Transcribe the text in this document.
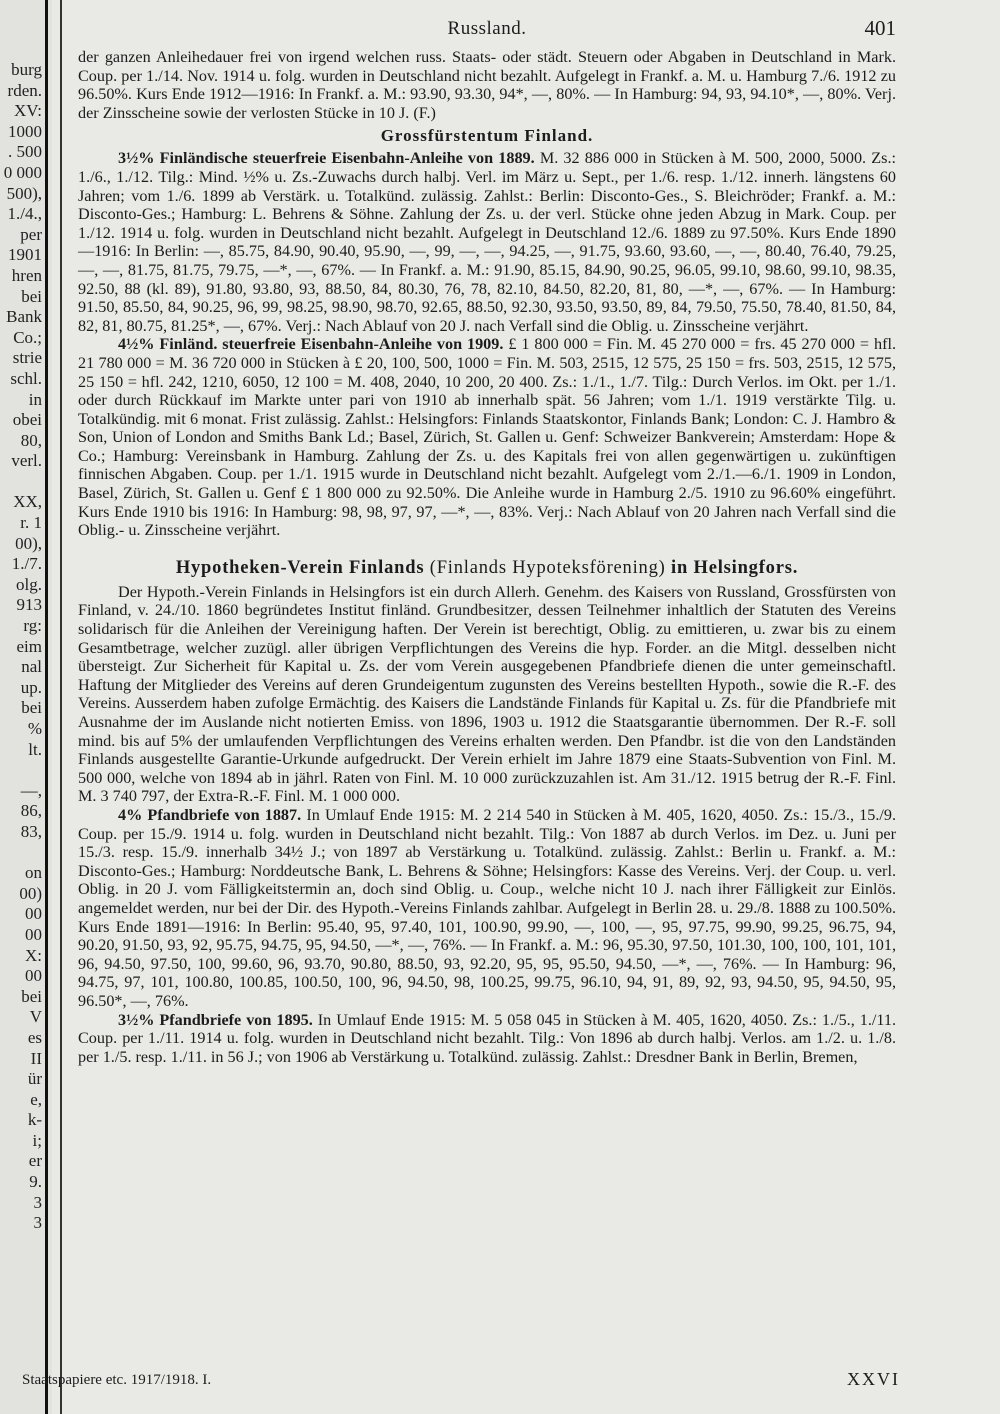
burg
rden.
XV:
1000
. 500
0 000
500),
1./4.,
per
1901
hren
bei
Bank
Co.;
strie
schl.
in
obei
80,
verl.
XX,
r. 1
00),
1./7.
olg.
913
rg:
eim
nal
up.
bei
%
lt.
—,
86,
83,
on
00)
00
00
X:
00
bei
V
es
II
ür
e,
k-
i;
er
9.
3
3
Russland.	401

der ganzen Anleihedauer frei von irgend welchen russ. Staats- oder städt. Steuern oder Abgaben in Deutschland in Mark. Coup. per 1./14. Nov. 1914 u. folg. wurden in Deutschland nicht bezahlt. Aufgelegt in Frankf. a. M. u. Hamburg 7./6. 1912 zu 96.50%. Kurs Ende 1912—1916: In Frankf. a. M.: 93.90, 93.30, 94*, —, 80%. — In Hamburg: 94, 93, 94.10*, —, 80%. Verj. der Zinsscheine sowie der verlosten Stücke in 10 J. (F.)

Grossfürstentum Finland.

3½% Finländische steuerfreie Eisenbahn-Anleihe von 1889. M. 32 886 000 in Stücken à M. 500, 2000, 5000. Zs.: 1./6., 1./12. Tilg.: Mind. ½% u. Zs.-Zuwachs durch halbj. Verl. im März u. Sept., per 1./6. resp. 1./12. innerh. längstens 60 Jahren; vom 1./6. 1899 ab Verstärk. u. Totalkünd. zulässig. Zahlst.: Berlin: Disconto-Ges., S. Bleichröder; Frankf. a. M.: Disconto-Ges.; Hamburg: L. Behrens & Söhne. Zahlung der Zs. u. der verl. Stücke ohne jeden Abzug in Mark. Coup. per 1./12. 1914 u. folg. wurden in Deutschland nicht bezahlt. Aufgelegt in Deutschland 12./6. 1889 zu 97.50%. Kurs Ende 1890—1916: In Berlin: —, 85.75, 84.90, 90.40, 95.90, —, 99, —, —, 94.25, —, 91.75, 93.60, 93.60, —, —, 80.40, 76.40, 79.25, —, —, 81.75, 81.75, 79.75, —*, —, 67%. — In Frankf. a. M.: 91.90, 85.15, 84.90, 90.25, 96.05, 99.10, 98.60, 99.10, 98.35, 92.50, 88 (kl. 89), 91.80, 93.80, 93, 88.50, 84, 80.30, 76, 78, 82.10, 84.50, 82.20, 81, 80, —*, —, 67%. — In Hamburg: 91.50, 85.50, 84, 90.25, 96, 99, 98.25, 98.90, 98.70, 92.65, 88.50, 92.30, 93.50, 93.50, 89, 84, 79.50, 75.50, 78.40, 81.50, 84, 82, 81, 80.75, 81.25*, —, 67%. Verj.: Nach Ablauf von 20 J. nach Verfall sind die Oblig. u. Zinsscheine verjährt.

4½% Finländ. steuerfreie Eisenbahn-Anleihe von 1909. £ 1 800 000 = Fin. M. 45 270 000 = frs. 45 270 000 = hfl. 21 780 000 = M. 36 720 000 in Stücken à £ 20, 100, 500, 1000 = Fin. M. 503, 2515, 12 575, 25 150 = frs. 503, 2515, 12 575, 25 150 = hfl. 242, 1210, 6050, 12 100 = M. 408, 2040, 10 200, 20 400. Zs.: 1./1., 1./7. Tilg.: Durch Verlos. im Okt. per 1./1. oder durch Rückkauf im Markte unter pari von 1910 ab innerhalb spät. 56 Jahren; vom 1./1. 1919 verstärkte Tilg. u. Totalkündig. mit 6 monat. Frist zulässig. Zahlst.: Helsingfors: Finlands Staatskontor, Finlands Bank; London: C. J. Hambro & Son, Union of London and Smiths Bank Ld.; Basel, Zürich, St. Gallen u. Genf: Schweizer Bankverein; Amsterdam: Hope & Co.; Hamburg: Vereinsbank in Hamburg. Zahlung der Zs. u. des Kapitals frei von allen gegenwärtigen u. zukünftigen finnischen Abgaben. Coup. per 1./1. 1915 wurde in Deutschland nicht bezahlt. Aufgelegt vom 2./1.—6./1. 1909 in London, Basel, Zürich, St. Gallen u. Genf £ 1 800 000 zu 92.50%. Die Anleihe wurde in Hamburg 2./5. 1910 zu 96.60% eingeführt. Kurs Ende 1910 bis 1916: In Hamburg: 98, 98, 97, 97, —*, —, 83%. Verj.: Nach Ablauf von 20 Jahren nach Verfall sind die Oblig.- u. Zinsscheine verjährt.

Hypotheken-Verein Finlands (Finlands Hypoteksförening) in Helsingfors.

Der Hypoth.-Verein Finlands in Helsingfors ist ein durch Allerh. Genehm. des Kaisers von Russland, Grossfürsten von Finland, v. 24./10. 1860 begründetes Institut finländ. Grundbesitzer, dessen Teilnehmer inhaltlich der Statuten des Vereins solidarisch für die Anleihen der Vereinigung haften. Der Verein ist berechtigt, Oblig. zu emittieren, u. zwar bis zu einem Gesamtbetrage, welcher zuzügl. aller übrigen Verpflichtungen des Vereins die hyp. Forder. an die Mitgl. desselben nicht übersteigt. Zur Sicherheit für Kapital u. Zs. der vom Verein ausgegebenen Pfandbriefe dienen die unter gemeinschaftl. Haftung der Mitglieder des Vereins auf deren Grundeigentum zugunsten des Vereins bestellten Hypoth., sowie die R.-F. des Vereins. Ausserdem haben zufolge Ermächtig. des Kaisers die Landstände Finlands für Kapital u. Zs. für die Pfandbriefe mit Ausnahme der im Auslande nicht notierten Emiss. von 1896, 1903 u. 1912 die Staatsgarantie übernommen. Der R.-F. soll mind. bis auf 5% der umlaufenden Verpflichtungen des Vereins erhalten werden. Den Pfandbr. ist die von den Landständen Finlands ausgestellte Garantie-Urkunde aufgedruckt. Der Verein erhielt im Jahre 1879 eine Staats-Subvention von Finl. M. 500 000, welche von 1894 ab in jährl. Raten von Finl. M. 10 000 zurückzuzahlen ist. Am 31./12. 1915 betrug der R.-F. Finl. M. 3 740 797, der Extra-R.-F. Finl. M. 1 000 000.

4% Pfandbriefe von 1887. In Umlauf Ende 1915: M. 2 214 540 in Stücken à M. 405, 1620, 4050. Zs.: 15./3., 15./9. Coup. per 15./9. 1914 u. folg. wurden in Deutschland nicht bezahlt. Tilg.: Von 1887 ab durch Verlos. im Dez. u. Juni per 15./3. resp. 15./9. innerhalb 34½ J.; von 1897 ab Verstärkung u. Totalkünd. zulässig. Zahlst.: Berlin u. Frankf. a. M.: Disconto-Ges.; Hamburg: Norddeutsche Bank, L. Behrens & Söhne; Helsingfors: Kasse des Vereins. Verj. der Coup. u. verl. Oblig. in 20 J. vom Fälligkeitstermin an, doch sind Oblig. u. Coup., welche nicht 10 J. nach ihrer Fälligkeit zur Einlös. angemeldet werden, nur bei der Dir. des Hypoth.-Vereins Finlands zahlbar. Aufgelegt in Berlin 28. u. 29./8. 1888 zu 100.50%. Kurs Ende 1891—1916: In Berlin: 95.40, 95, 97.40, 101, 100.90, 99.90, —, 100, —, 95, 97.75, 99.90, 99.25, 96.75, 94, 90.20, 91.50, 93, 92, 95.75, 94.75, 95, 94.50, —*, —, 76%. — In Frankf. a. M.: 96, 95.30, 97.50, 101.30, 100, 100, 101, 101, 96, 94.50, 97.50, 100, 99.60, 96, 93.70, 90.80, 88.50, 93, 92.20, 95, 95, 95.50, 94.50, —*, —, 76%. — In Hamburg: 96, 94.75, 97, 101, 100.80, 100.85, 100.50, 100, 96, 94.50, 98, 100.25, 99.75, 96.10, 94, 91, 89, 92, 93, 94.50, 95, 94.50, 95, 96.50*, —, 76%.

3½% Pfandbriefe von 1895. In Umlauf Ende 1915: M. 5 058 045 in Stücken à M. 405, 1620, 4050. Zs.: 1./5., 1./11. Coup. per 1./11. 1914 u. folg. wurden in Deutschland nicht bezahlt. Tilg.: Von 1896 ab durch halbj. Verlos. am 1./2. u. 1./8. per 1./5. resp. 1./11. in 56 J.; von 1906 ab Verstärkung u. Totalkünd. zulässig. Zahlst.: Dresdner Bank in Berlin, Bremen,

Staatspapiere etc. 1917/1918. I.	XXVI
